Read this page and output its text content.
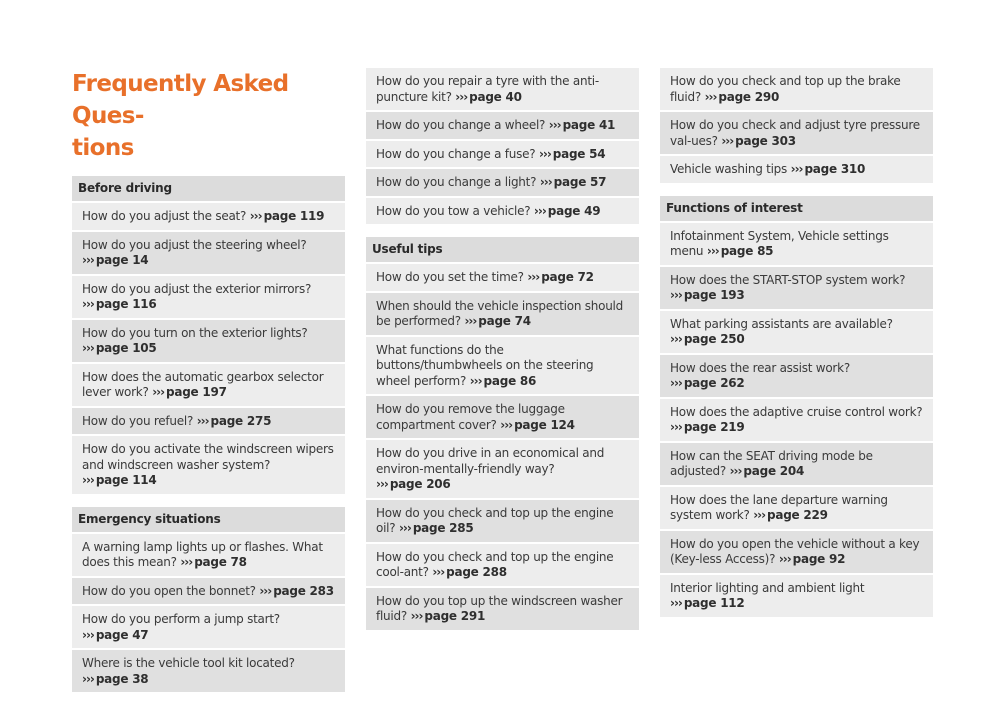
Frequently Asked Ques-
tions
Before driving
How do you adjust the seat? ››› page 119
How do you adjust the steering wheel? ››› page 14
How do you adjust the exterior mirrors? ››› page 116
How do you turn on the exterior lights? ››› page 105
How does the automatic gearbox selector lever work? ››› page 197
How do you refuel? ››› page 275
How do you activate the windscreen wipers and windscreen washer system? ››› page 114
Emergency situations
A warning lamp lights up or flashes. What does this mean? ››› page 78
How do you open the bonnet? ››› page 283
How do you perform a jump start? ››› page 47
Where is the vehicle tool kit located? ››› page 38
How do you repair a tyre with the anti-puncture kit? ››› page 40
How do you change a wheel? ››› page 41
How do you change a fuse? ››› page 54
How do you change a light? ››› page 57
How do you tow a vehicle? ››› page 49
Useful tips
How do you set the time? ››› page 72
When should the vehicle inspection should be performed? ››› page 74
What functions do the buttons/thumbwheels on the steering wheel perform? ››› page 86
How do you remove the luggage compartment cover? ››› page 124
How do you drive in an economical and environ-mentally-friendly way? ››› page 206
How do you check and top up the engine oil? ››› page 285
How do you check and top up the engine cool-ant? ››› page 288
How do you top up the windscreen washer fluid? ››› page 291
How do you check and top up the brake fluid? ››› page 290
How do you check and adjust tyre pressure val-ues? ››› page 303
Vehicle washing tips ››› page 310
Functions of interest
Infotainment System, Vehicle settings menu ››› page 85
How does the START-STOP system work? ››› page 193
What parking assistants are available? ››› page 250
How does the rear assist work? ››› page 262
How does the adaptive cruise control work? ››› page 219
How can the SEAT driving mode be adjusted? ››› page 204
How does the lane departure warning system work? ››› page 229
How do you open the vehicle without a key (Key-less Access)? ››› page 92
Interior lighting and ambient light ››› page 112
